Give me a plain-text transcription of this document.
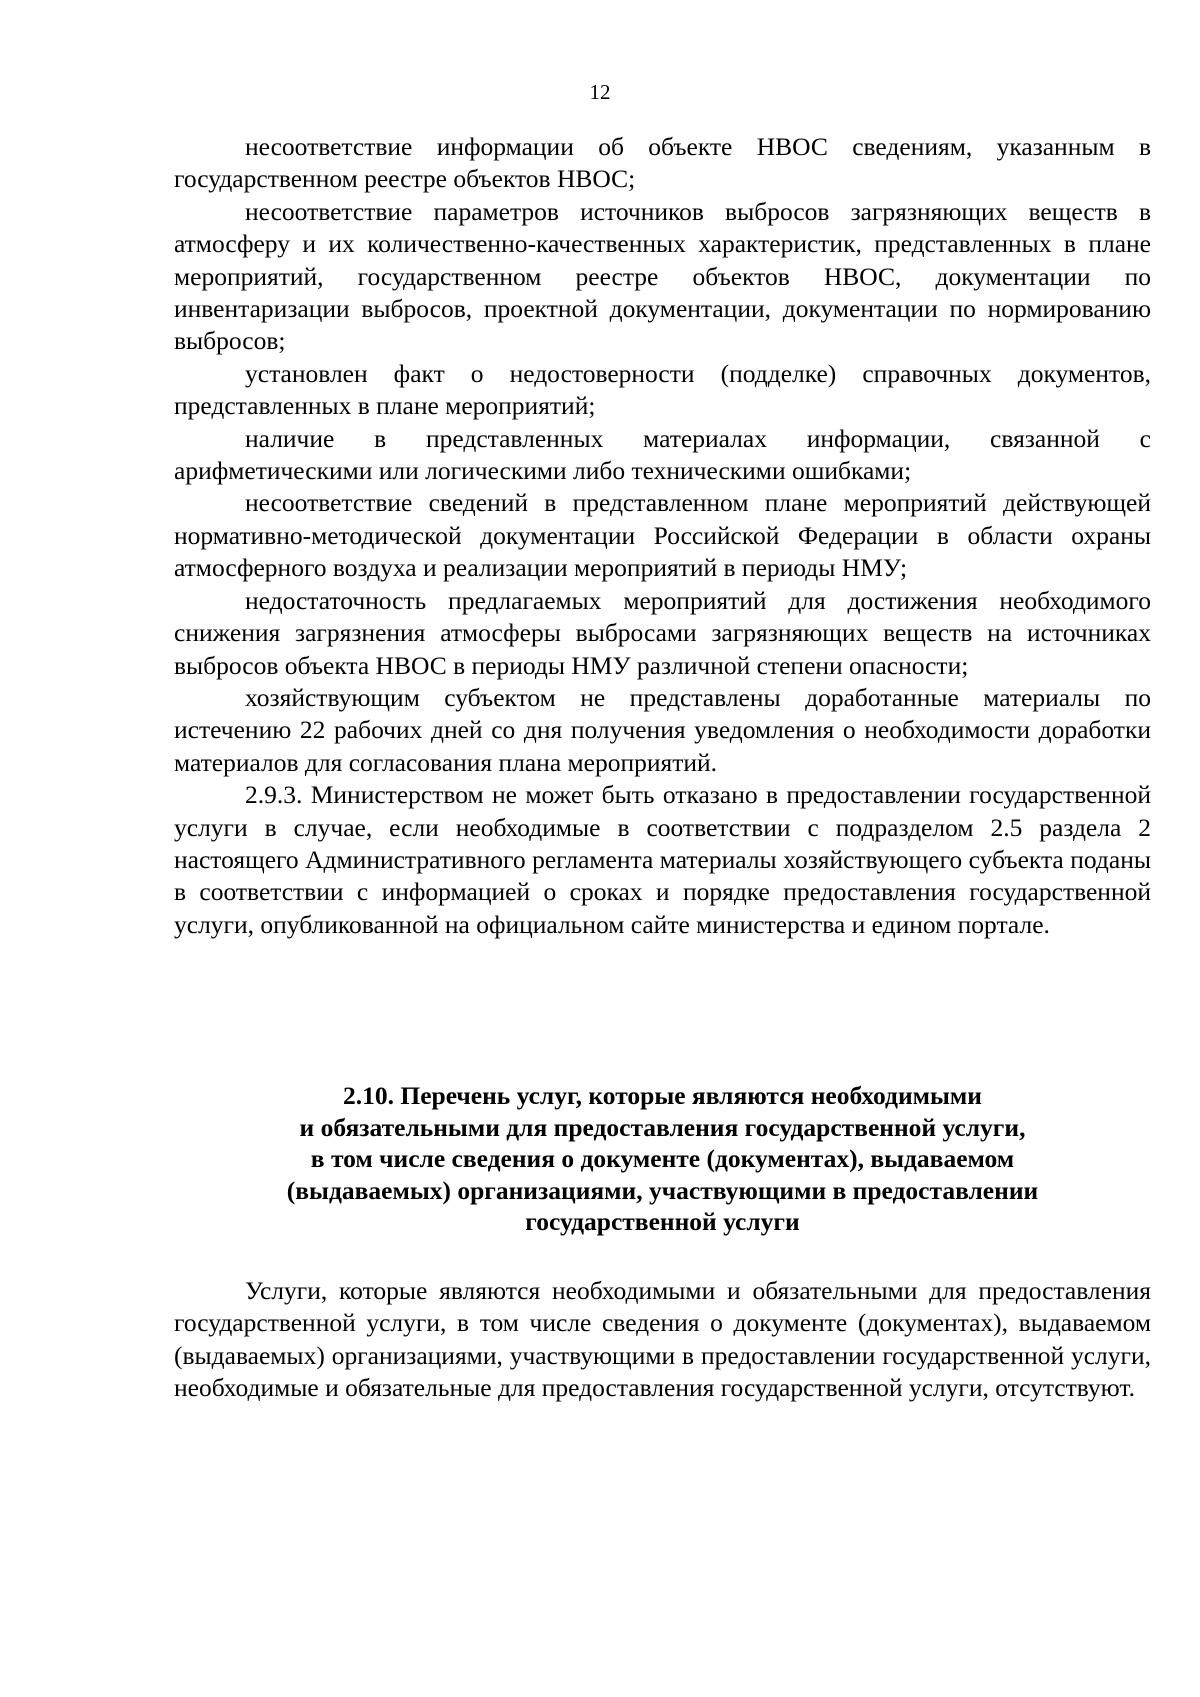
12

несоответствие информации об объекте НВОС сведениям, указанным в государственном реестре объектов НВОС;

несоответствие параметров источников выбросов загрязняющих веществ в атмосферу и их количественно-качественных характеристик, представленных в плане мероприятий, государственном реестре объектов НВОС, документации по инвентаризации выбросов, проектной документации, документации по нормированию выбросов;

установлен факт о недостоверности (подделке) справочных документов, представленных в плане мероприятий;

наличие в представленных материалах информации, связанной с арифметическими или логическими либо техническими ошибками;

несоответствие сведений в представленном плане мероприятий действующей нормативно-методической документации Российской Федерации в области охраны атмосферного воздуха и реализации мероприятий в периоды НМУ;

недостаточность предлагаемых мероприятий для достижения необходимого снижения загрязнения атмосферы выбросами загрязняющих веществ на источниках выбросов объекта НВОС в периоды НМУ различной степени опасности;

хозяйствующим субъектом не представлены доработанные материалы по истечению 22 рабочих дней со дня получения уведомления о необходимости доработки материалов для согласования плана мероприятий.

2.9.3. Министерством не может быть отказано в предоставлении государственной услуги в случае, если необходимые в соответствии с подразделом 2.5 раздела 2 настоящего Административного регламента материалы хозяйствующего субъекта поданы в соответствии с информацией о сроках и порядке предоставления государственной услуги, опубликованной на официальном сайте министерства и едином портале.

2.10. Перечень услуг, которые являются необходимыми
и обязательными для предоставления государственной услуги,
в том числе сведения о документе (документах), выдаваемом
(выдаваемых) организациями, участвующими в предоставлении
государственной услуги

Услуги, которые являются необходимыми и обязательными для предоставления государственной услуги, в том числе сведения о документе (документах), выдаваемом (выдаваемых) организациями, участвующими в предоставлении государственной услуги, необходимые и обязательные для предоставления государственной услуги, отсутствуют.
